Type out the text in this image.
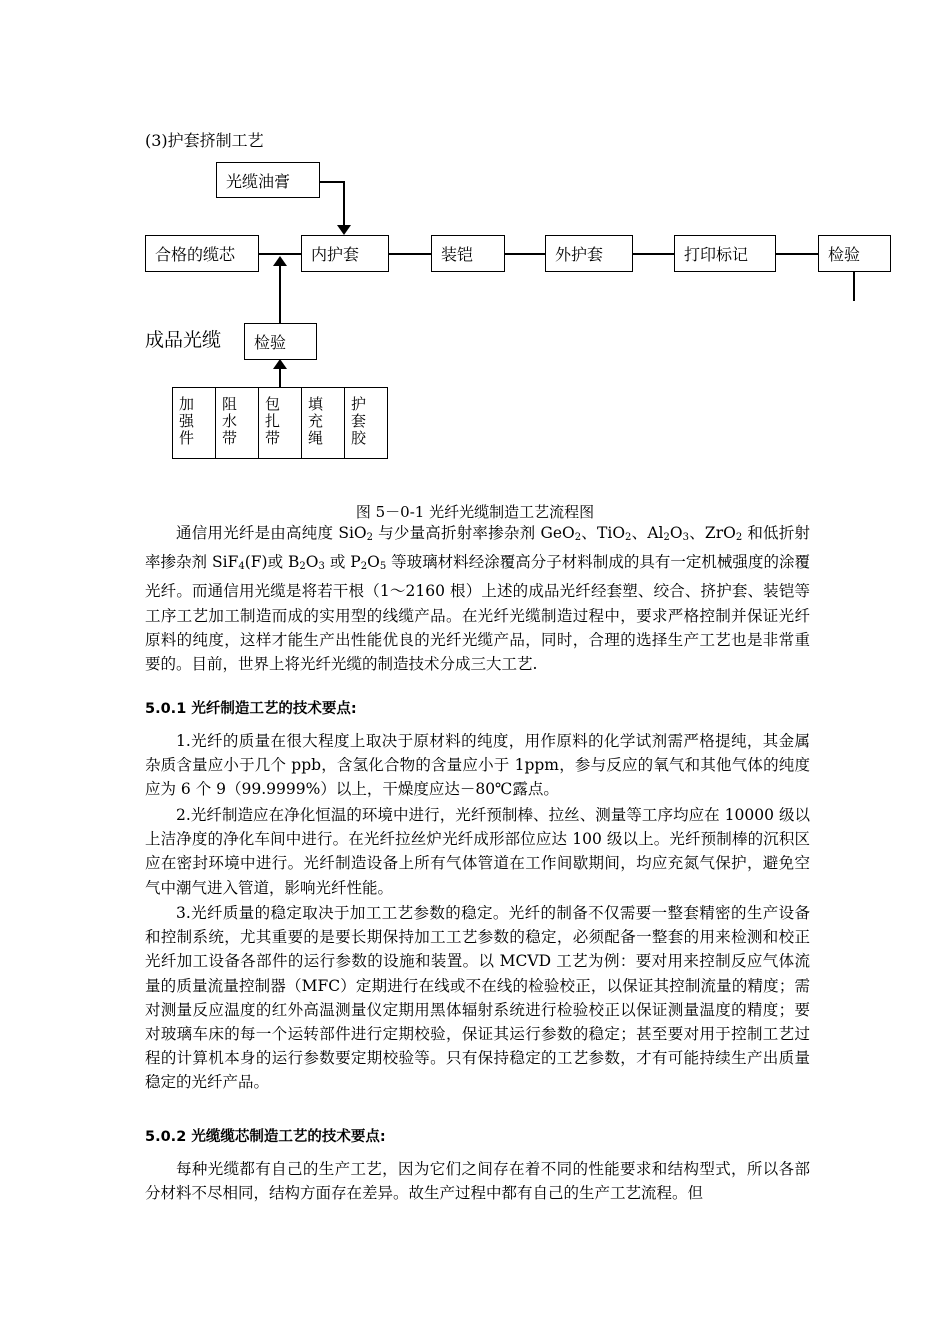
(3)护套挤制工艺
光缆油膏
合格的缆芯	内护套	装铠	外护套	打印标记	检验
成品光缆	检验
加
强
件
阻
水
带
包
扎
带
填
充
绳
护
套
胶
图 5－0-1 光纤光缆制造工艺流程图

通信用光纤是由高纯度 SiO$_2$ 与少量高折射率掺杂剂 GeO$_2$、TiO$_2$、$Al_2O_3$、ZrO$_2$ 和低折射率掺杂剂 SiF$_4$(F)或 $B_2O_3$ 或 $P_2O_5$ 等玻璃材料经涂覆高分子材料制成的具有一定机械强度的涂覆光纤。而通信用光缆是将若干根（1～2160 根）上述的成品光纤经套塑、绞合、挤护套、装铠等工序工艺加工制造而成的实用型的线缆产品。在光纤光缆制造过程中，要求严格控制并保证光纤原料的纯度，这样才能生产出性能优良的光纤光缆产品，同时，合理的选择生产工艺也是非常重要的。目前，世界上将光纤光缆的制造技术分成三大工艺.

5.0.1 光纤制造工艺的技术要点:

1.光纤的质量在很大程度上取决于原材料的纯度，用作原料的化学试剂需严格提纯，其金属杂质含量应小于几个 ppb，含氢化合物的含量应小于 1ppm，参与反应的氧气和其他气体的纯度应为 6 个 9（99.9999%）以上，干燥度应达－80℃露点。

2.光纤制造应在净化恒温的环境中进行，光纤预制棒、拉丝、测量等工序均应在 10000 级以上洁净度的净化车间中进行。在光纤拉丝炉光纤成形部位应达 100 级以上。光纤预制棒的沉积区应在密封环境中进行。光纤制造设备上所有气体管道在工作间歇期间，均应充氮气保护，避免空气中潮气进入管道，影响光纤性能。

3.光纤质量的稳定取决于加工工艺参数的稳定。光纤的制备不仅需要一整套精密的生产设备和控制系统，尤其重要的是要长期保持加工工艺参数的稳定，必须配备一整套的用来检测和校正光纤加工设备各部件的运行参数的设施和装置。以 MCVD 工艺为例：要对用来控制反应气体流量的质量流量控制器（MFC）定期进行在线或不在线的检验校正，以保证其控制流量的精度；需对测量反应温度的红外高温测量仪定期用黑体辐射系统进行检验校正以保证测量温度的精度；要对玻璃车床的每一个运转部件进行定期校验，保证其运行参数的稳定；甚至要对用于控制工艺过程的计算机本身的运行参数要定期校验等。只有保持稳定的工艺参数，才有可能持续生产出质量稳定的光纤产品。

5.0.2 光缆缆芯制造工艺的技术要点:

每种光缆都有自己的生产工艺，因为它们之间存在着不同的性能要求和结构型式，所以各部分材料不尽相同，结构方面存在差异。故生产过程中都有自己的生产工艺流程。但
